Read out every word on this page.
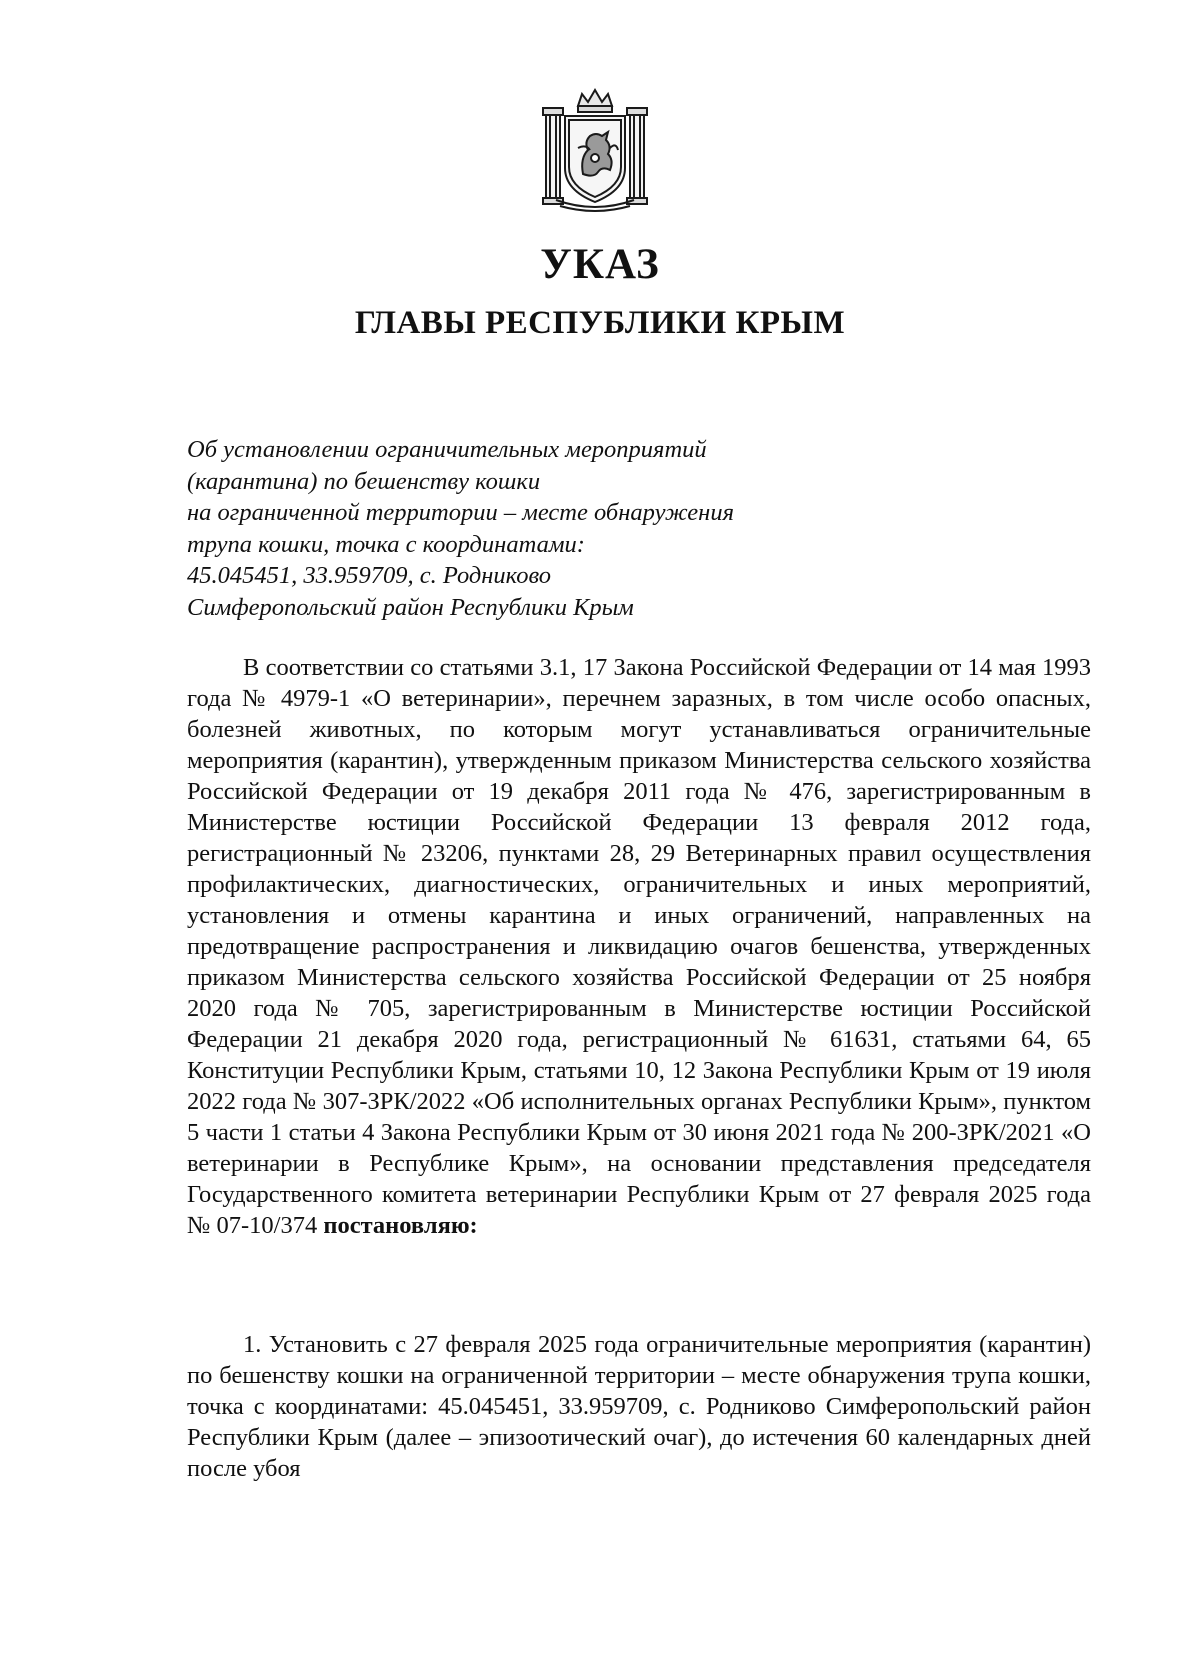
УКАЗ
ГЛАВЫ РЕСПУБЛИКИ КРЫМ
Об установлении ограничительных мероприятий
(карантина) по бешенству кошки
на ограниченной территории – месте обнаружения
трупа кошки, точка с координатами:
45.045451, 33.959709, с. Родниково
Симферопольский район Республики Крым

В соответствии со статьями 3.1, 17 Закона Российской Федерации от 14 мая 1993 года № 4979-1 «О ветеринарии», перечнем заразных, в том числе особо опасных, болезней животных, по которым могут устанавливаться ограничительные мероприятия (карантин), утвержденным приказом Министерства сельского хозяйства Российской Федерации от 19 декабря 2011 года № 476, зарегистрированным в Министерстве юстиции Российской Федерации 13 февраля 2012 года, регистрационный № 23206, пунктами 28, 29 Ветеринарных правил осуществления профилактических, диагностических, ограничительных и иных мероприятий, установления и отмены карантина и иных ограничений, направленных на предотвращение распространения и ликвидацию очагов бешенства, утвержденных приказом Министерства сельского хозяйства Российской Федерации от 25 ноября 2020 года № 705, зарегистрированным в Министерстве юстиции Российской Федерации 21 декабря 2020 года, регистрационный № 61631, статьями 64, 65 Конституции Республики Крым, статьями 10, 12 Закона Республики Крым от 19 июля 2022 года № 307-ЗРК/2022 «Об исполнительных органах Республики Крым», пунктом 5 части 1 статьи 4 Закона Республики Крым от 30 июня 2021 года № 200-ЗРК/2021 «О ветеринарии в Республике Крым», на основании представления председателя Государственного комитета ветеринарии Республики Крым от 27 февраля 2025 года № 07-10/374 постановляю:

1. Установить с 27 февраля 2025 года ограничительные мероприятия (карантин) по бешенству кошки на ограниченной территории – месте обнаружения трупа кошки, точка с координатами: 45.045451, 33.959709, с. Родниково Симферопольский район Республики Крым (далее – эпизоотический очаг), до истечения 60 календарных дней после убоя
